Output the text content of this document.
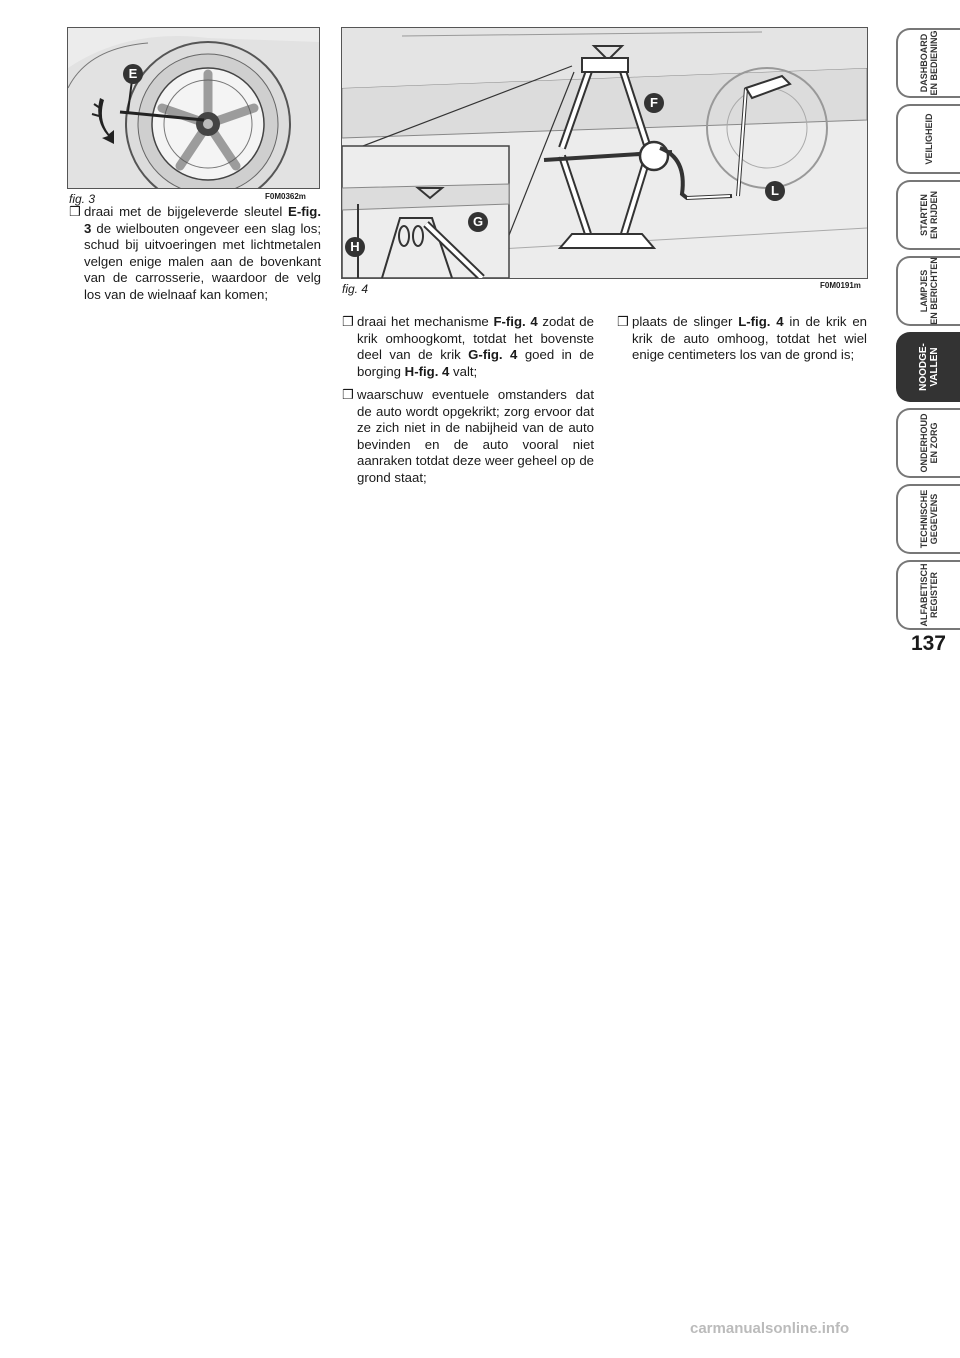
E
fig. 3	F0M0362m
F
L
G
H
fig. 4	F0M0191m
❒ draai met de bijgeleverde sleutel E-fig. 3 de wielbouten ongeveer een slag los; schud bij uitvoeringen met lichtmetalen velgen enige malen aan de bovenkant van de carrosserie, waardoor de velg los van de wielnaaf kan komen;
❒ draai het mechanisme F-fig. 4 zodat de krik omhoogkomt, totdat het bovenste deel van de krik G-fig. 4 goed in de borging H-fig. 4 valt;
❒ waarschuw eventuele omstanders dat de auto wordt opgekrikt; zorg ervoor dat ze zich niet in de nabijheid van de auto bevinden en de auto vooral niet aanraken totdat deze weer geheel op de grond staat;
❒ plaats de slinger L-fig. 4 in de krik en krik de auto omhoog, totdat het wiel enige centimeters los van de grond is;
DASHBOARD
EN BEDIENING
VEILIGHEID
STARTEN
EN RIJDEN
LAMPJES
EN BERICHTEN
NOODGE-
VALLEN
ONDERHOUD
EN ZORG
TECHNISCHE
GEGEVENS
ALFABETISCH
REGISTER
137
carmanualsonline.info
